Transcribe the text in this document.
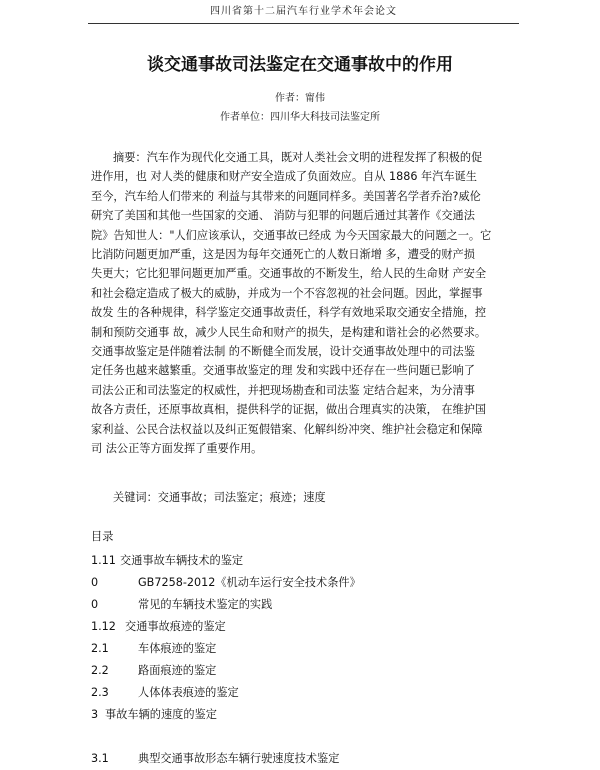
四川省第十二届汽车行业学术年会论文
谈交通事故司法鉴定在交通事故中的作用
作者：甯伟
作者单位：四川华大科技司法鉴定所
摘要：汽车作为现代化交通工具，既对人类社会文明的进程发挥了积极的促
进作用，也 对人类的健康和财产安全造成了负面效应。自从 1886 年汽车诞生
至今，汽车给人们带来的 利益与其带来的问题同样多。美国著名学者乔治?威伦
研究了美国和其他一些国家的交通、 消防与犯罪的问题后通过其著作《交通法
院》告知世人："人们应该承认，交通事故已经成 为今天国家最大的问题之一。它
比消防问题更加严重，这是因为每年交通死亡的人数日渐增 多，遭受的财产损
失更大；它比犯罪问题更加严重。交通事故的不断发生，给人民的生命财 产安全
和社会稳定造成了极大的威胁，并成为一个不容忽视的社会问题。因此，掌握事
故发 生的各种规律，科学鉴定交通事故责任，科学有效地采取交通安全措施，控
制和预防交通事 故，减少人民生命和财产的损失，是构建和谐社会的必然要求。
交通事故鉴定是伴随着法制 的不断健全而发展，设计交通事故处理中的司法鉴
定任务也越来越繁重。交通事故鉴定的理 发和实践中还存在一些问题已影响了
司法公正和司法鉴定的权威性，并把现场勘查和司法鉴 定结合起来，为分清事
故各方责任，还原事故真相，提供科学的证据，做出合理真实的决策， 在维护国
家利益、公民合法权益以及纠正冤假错案、化解纠纷冲突、维护社会稳定和保障
司 法公正等方面发挥了重要作用。
关键词：交通事故；司法鉴定；痕迹；速度
目录
1.11 交通事故车辆技术的鉴定
0	GB7258-2012《机动车运行安全技术条件》
0	常见的车辆技术鉴定的实践
1.12 交通事故痕迹的鉴定
2.1	车体痕迹的鉴定
2.2	路面痕迹的鉴定
2.3	人体体表痕迹的鉴定
3 事故车辆的速度的鉴定
3.1	典型交通事故形态车辆行驶速度技术鉴定
